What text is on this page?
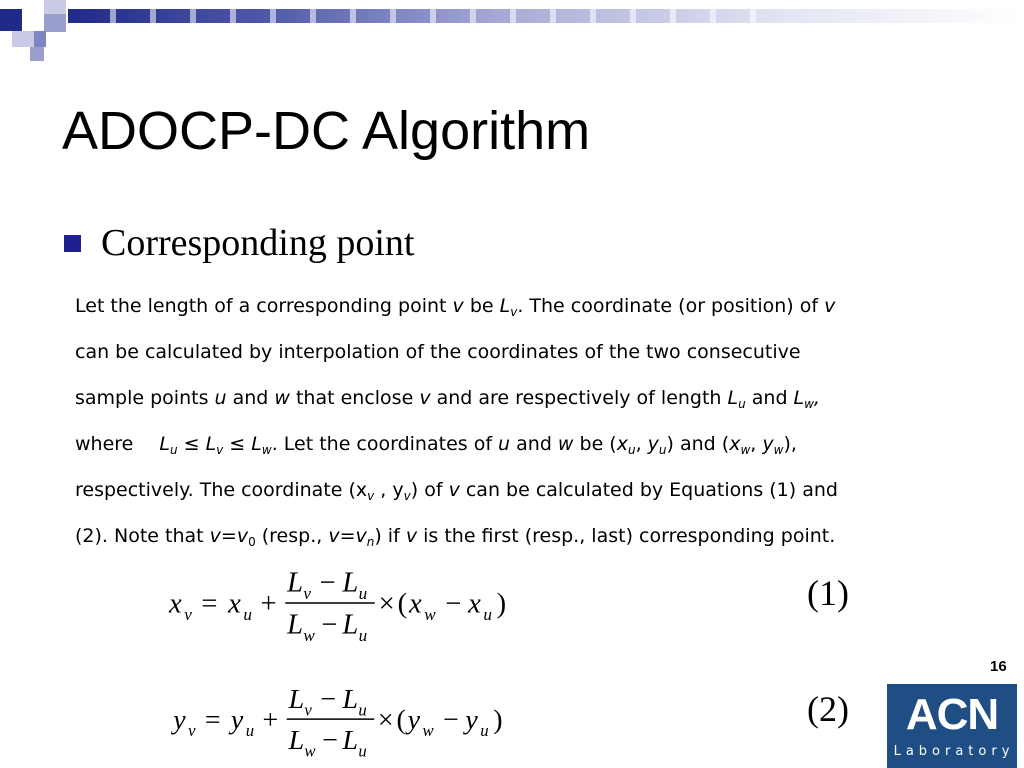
ADOCP-DC Algorithm
Corresponding point
Let the length of a corresponding point v be $L_v$. The coordinate (or position) of v
can be calculated by interpolation of the coordinates of the two consecutive
sample points u and w that enclose v and are respectively of length $L_u$ and $L_w$,
where $L_u \le L_v \le L_w$. Let the coordinates of u and w be ($x_u$, $y_u$) and ($x_w$, $y_w$),
respectively. The coordinate ($x_v$ , $y_v$) of v can be calculated by Equations (1) and
(2). Note that $v=v_0$ (resp., $v=v_n$) if v is the first (resp., last) corresponding point.
x v = x u +
L v − L u
L w − L u
× ( x w − x u )	(1)
y v = y u +
L v − L u
L w − L u
× ( y w − y u )	(2)
16
ACN
Laboratory
